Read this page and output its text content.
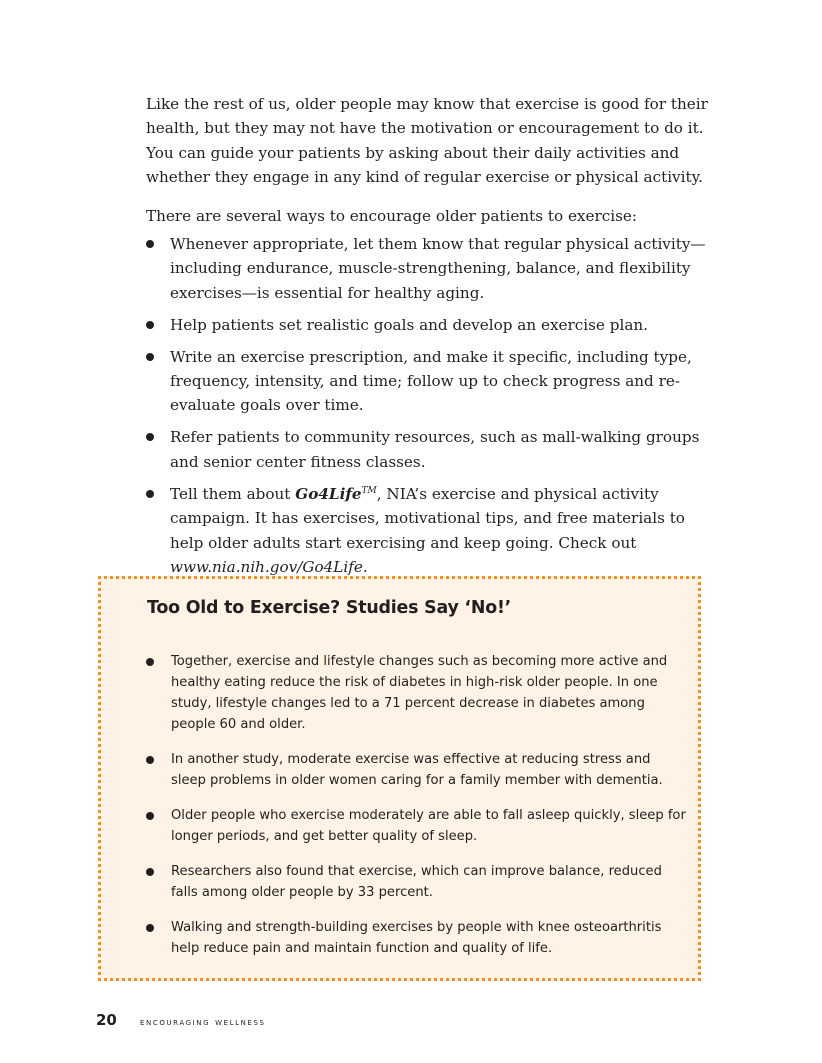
Like the rest of us, older people may know that exercise is good for their health, but they may not have the motivation or encouragement to do it. You can guide your patients by asking about their daily activities and whether they engage in any kind of regular exercise or physical activity.

There are several ways to encourage older patients to exercise:

Whenever appropriate, let them know that regular physical activity—including endurance, muscle-strengthening, balance, and flexibility exercises—is essential for healthy aging.
Help patients set realistic goals and develop an exercise plan.
Write an exercise prescription, and make it specific, including type, frequency, intensity, and time; follow up to check progress and re-evaluate goals over time.
Refer patients to community resources, such as mall-walking groups and senior center fitness classes.
Tell them about Go4Life™, NIA’s exercise and physical activity campaign. It has exercises, motivational tips, and free materials to help older adults start exercising and keep going. Check out www.nia.nih.gov/Go4Life.
Too Old to Exercise? Studies Say ‘No!’
Together, exercise and lifestyle changes such as becoming more active and healthy eating reduce the risk of diabetes in high-risk older people. In one study, lifestyle changes led to a 71 percent decrease in diabetes among people 60 and older.
In another study, moderate exercise was effective at reducing stress and sleep problems in older women caring for a family member with dementia.
Older people who exercise moderately are able to fall asleep quickly, sleep for longer periods, and get better quality of sleep.
Researchers also found that exercise, which can improve balance, reduced falls among older people by 33 percent.
Walking and strength-building exercises by people with knee osteoarthritis help reduce pain and maintain function and quality of life.
20 encouraging wellness
